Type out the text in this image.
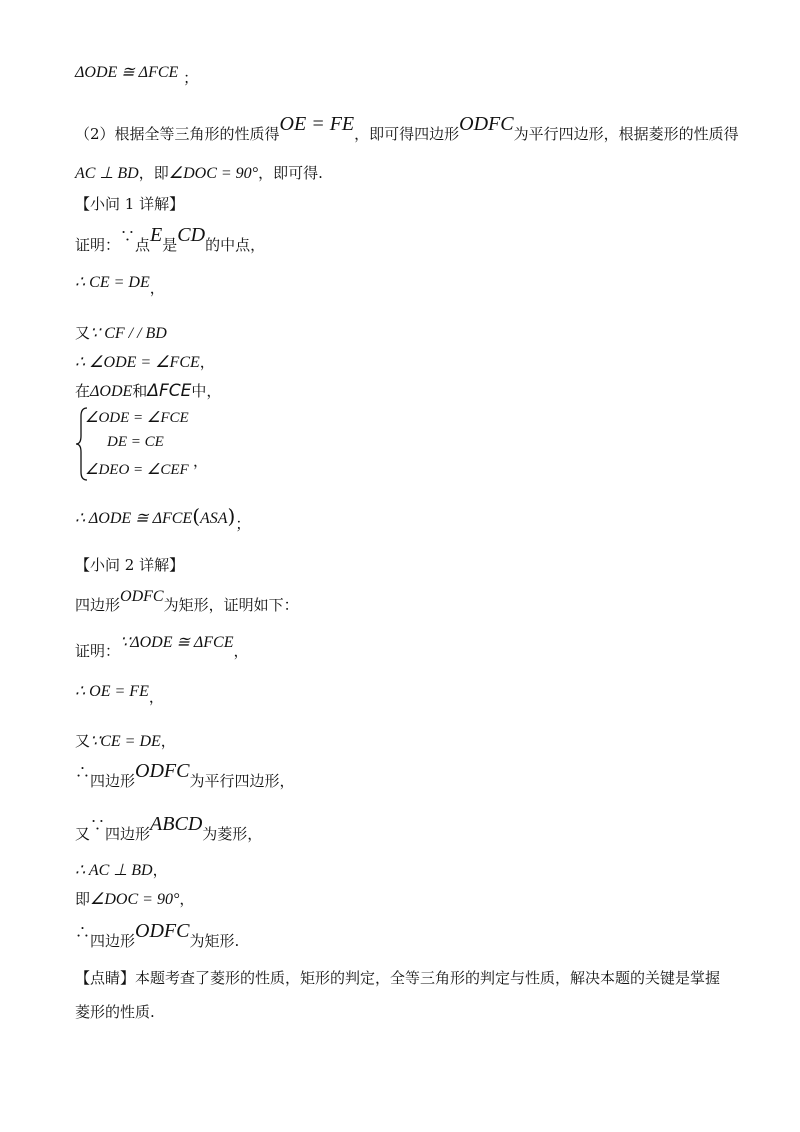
ΔODE ≅ ΔFCE ；
（2）根据全等三角形的性质得OE = FE，即可得四边形ODFC为平行四边形，根据菱形的性质得
AC ⊥ BD，即∠DOC = 90°，即可得.
【小问 1 详解】
证明：∵点E是CD的中点，
∴ CE = DE，
又∵ CF / / BD
∴ ∠ODE = ∠FCE，
在ΔODE和ΔFCE中，
∠ODE = ∠FCE
DE = CE
∠DEO = ∠CEF ，
∴ ΔODE ≅ ΔFCE(ASA)；
【小问 2 详解】
四边形ODFC为矩形，证明如下：
证明：∵ΔODE ≅ ΔFCE，
∴ OE = FE，
又∵CE = DE，
∴四边形ODFC为平行四边形，
又∵四边形ABCD为菱形，
∴ AC ⊥ BD，
即∠DOC = 90°，
∴四边形ODFC为矩形.
【点睛】本题考查了菱形的性质，矩形的判定，全等三角形的判定与性质，解决本题的关键是掌握菱形的性质.
